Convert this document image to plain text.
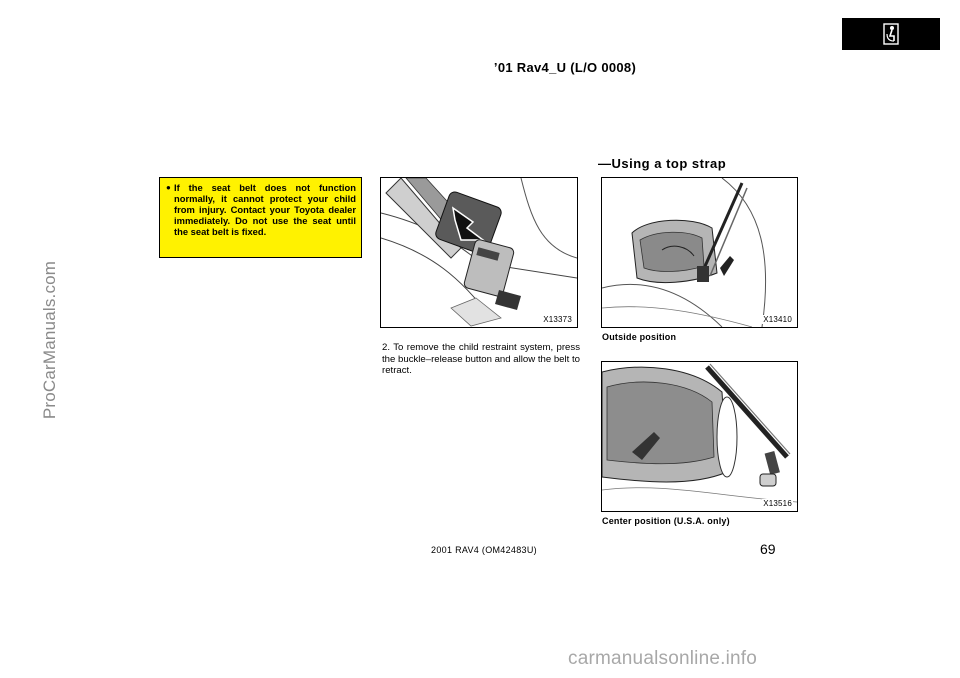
ProCarManuals.com
’01 Rav4_U (L/O 0008)
—Using a top strap
● If the seat belt does not function normally, it cannot protect your child from injury. Contact your Toyota dealer immediately. Do not use the seat until the seat belt is fixed.
X13373
2. To remove the child restraint system, press the buckle–release button and allow the belt to retract.
X13410
Outside position
X13516
Center position (U.S.A. only)
2001 RAV4 (OM42483U)	69
carmanualsonline.info
